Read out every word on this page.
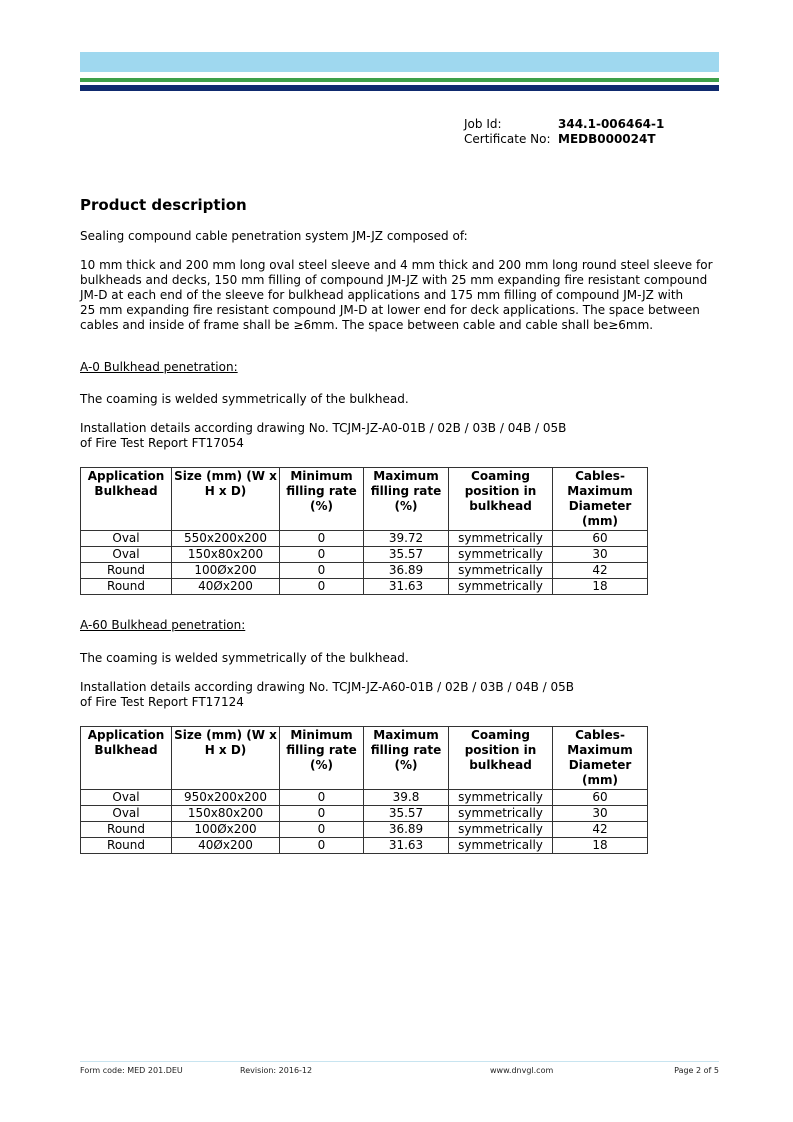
Job Id:	344.1-006464-1
Certificate No: MEDB000024T
Product description
Sealing compound cable penetration system JM-JZ composed of:
10 mm thick and 200 mm long oval steel sleeve and 4 mm thick and 200 mm long round steel sleeve for
bulkheads and decks, 150 mm filling of compound JM-JZ with 25 mm expanding fire resistant compound
JM-D at each end of the sleeve for bulkhead applications and 175 mm filling of compound JM-JZ with
25 mm expanding fire resistant compound JM-D at lower end for deck applications. The space between
cables and inside of frame shall be ≥6mm. The space between cable and cable shall be≥6mm.
A-0 Bulkhead penetration:
The coaming is welded symmetrically of the bulkhead.
Installation details according drawing No. TCJM-JZ-A0-01B / 02B / 03B / 04B / 05B
of Fire Test Report FT17054
Application Bulkhead	Size (mm) (W x H x D)	Minimum filling rate (%)	Maximum filling rate (%)	Coaming position in bulkhead	Cables-Maximum Diameter (mm)
Oval	550x200x200	0	39.72	symmetrically	60
Oval	150x80x200	0	35.57	symmetrically	30
Round	100Øx200	0	36.89	symmetrically	42
Round	40Øx200	0	31.63	symmetrically	18
A-60 Bulkhead penetration:
The coaming is welded symmetrically of the bulkhead.
Installation details according drawing No. TCJM-JZ-A60-01B / 02B / 03B / 04B / 05B
of Fire Test Report FT17124
Application Bulkhead	Size (mm) (W x H x D)	Minimum filling rate (%)	Maximum filling rate (%)	Coaming position in bulkhead	Cables-Maximum Diameter (mm)
Oval	950x200x200	0	39.8	symmetrically	60
Oval	150x80x200	0	35.57	symmetrically	30
Round	100Øx200	0	36.89	symmetrically	42
Round	40Øx200	0	31.63	symmetrically	18
Form code: MED 201.DEU	Revision: 2016-12	www.dnvgl.com	Page 2 of 5
